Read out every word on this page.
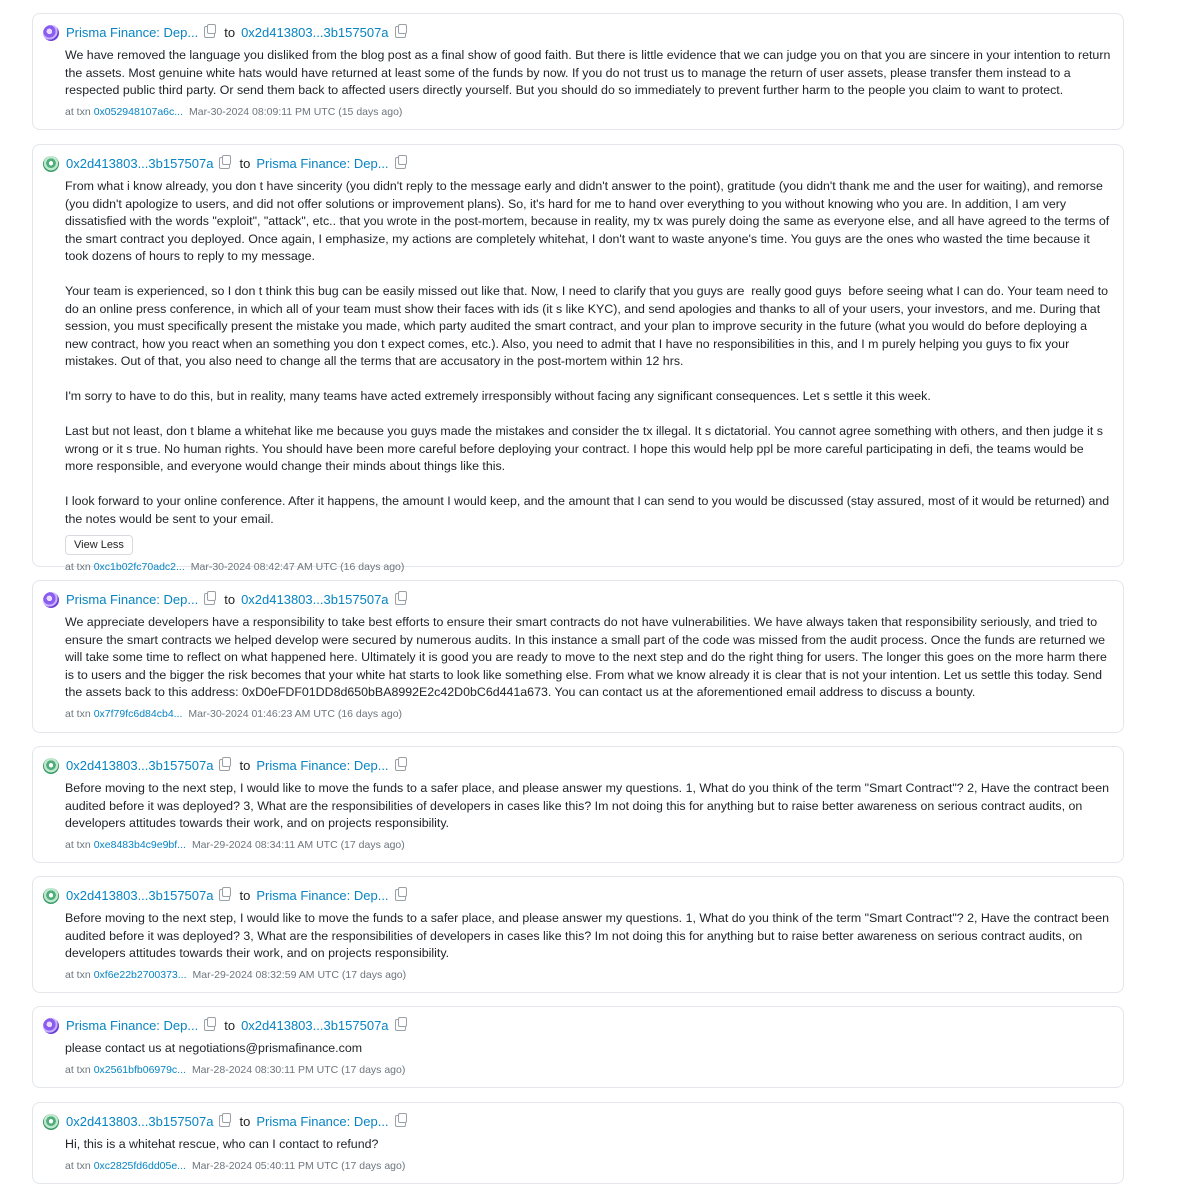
Prisma Finance: Dep... to 0x2d413803...3b157507a
We have removed the language you disliked from the blog post as a final show of good faith. But there is little evidence that we can judge you on that you are sincere in your intention to return the assets. Most genuine white hats would have returned at least some of the funds by now. If you do not trust us to manage the return of user assets, please transfer them instead to a respected public third party. Or send them back to affected users directly yourself. But you should do so immediately to prevent further harm to the people you claim to want to protect.
at txn 0x052948107a6c... Mar-30-2024 08:09:11 PM UTC (15 days ago)
0x2d413803...3b157507a to Prisma Finance: Dep...
From what i know already, you don t have sincerity (you didn't reply to the message early and didn't answer to the point), gratitude (you didn't thank me and the user for waiting), and remorse (you didn't apologize to users, and did not offer solutions or improvement plans). So, it's hard for me to hand over everything to you without knowing who you are. In addition, I am very dissatisfied with the words "exploit", "attack", etc.. that you wrote in the post-mortem, because in reality, my tx was purely doing the same as everyone else, and all have agreed to the terms of the smart contract you deployed. Once again, I emphasize, my actions are completely whitehat, I don't want to waste anyone's time. You guys are the ones who wasted the time because it took dozens of hours to reply to my message.

Your team is experienced, so I don t think this bug can be easily missed out like that. Now, I need to clarify that you guys are  really good guys  before seeing what I can do. Your team need to do an online press conference, in which all of your team must show their faces with ids (it s like KYC), and send apologies and thanks to all of your users, your investors, and me. During that session, you must specifically present the mistake you made, which party audited the smart contract, and your plan to improve security in the future (what you would do before deploying a new contract, how you react when an something you don t expect comes, etc.). Also, you need to admit that I have no responsibilities in this, and I m purely helping you guys to fix your mistakes. Out of that, you also need to change all the terms that are accusatory in the post-mortem within 12 hrs.

I'm sorry to have to do this, but in reality, many teams have acted extremely irresponsibly without facing any significant consequences. Let s settle it this week.

Last but not least, don t blame a whitehat like me because you guys made the mistakes and consider the tx illegal. It s dictatorial. You cannot agree something with others, and then judge it s wrong or it s true. No human rights. You should have been more careful before deploying your contract. I hope this would help ppl be more careful participating in defi, the teams would be more responsible, and everyone would change their minds about things like this.

I look forward to your online conference. After it happens, the amount I would keep, and the amount that I can send to you would be discussed (stay assured, most of it would be returned) and the notes would be sent to your email.
View Less
at txn 0xc1b02fc70adc2... Mar-30-2024 08:42:47 AM UTC (16 days ago)
Prisma Finance: Dep... to 0x2d413803...3b157507a
We appreciate developers have a responsibility to take best efforts to ensure their smart contracts do not have vulnerabilities. We have always taken that responsibility seriously, and tried to ensure the smart contracts we helped develop were secured by numerous audits. In this instance a small part of the code was missed from the audit process. Once the funds are returned we will take some time to reflect on what happened here. Ultimately it is good you are ready to move to the next step and do the right thing for users. The longer this goes on the more harm there is to users and the bigger the risk becomes that your white hat starts to look like something else. From what we know already it is clear that is not your intention. Let us settle this today. Send the assets back to this address: 0xD0eFDF01DD8d650bBA8992E2c42D0bC6d441a673. You can contact us at the aforementioned email address to discuss a bounty.
at txn 0x7f79fc6d84cb4... Mar-30-2024 01:46:23 AM UTC (16 days ago)
0x2d413803...3b157507a to Prisma Finance: Dep...
Before moving to the next step, I would like to move the funds to a safer place, and please answer my questions. 1, What do you think of the term "Smart Contract"? 2, Have the contract been audited before it was deployed? 3, What are the responsibilities of developers in cases like this? Im not doing this for anything but to raise better awareness on serious contract audits, on developers attitudes towards their work, and on projects responsibility.
at txn 0xe8483b4c9e9bf... Mar-29-2024 08:34:11 AM UTC (17 days ago)
0x2d413803...3b157507a to Prisma Finance: Dep...
Before moving to the next step, I would like to move the funds to a safer place, and please answer my questions. 1, What do you think of the term "Smart Contract"? 2, Have the contract been audited before it was deployed? 3, What are the responsibilities of developers in cases like this? Im not doing this for anything but to raise better awareness on serious contract audits, on developers attitudes towards their work, and on projects responsibility.
at txn 0xf6e22b2700373... Mar-29-2024 08:32:59 AM UTC (17 days ago)
Prisma Finance: Dep... to 0x2d413803...3b157507a
please contact us at negotiations@prismafinance.com
at txn 0x2561bfb06979c... Mar-28-2024 08:30:11 PM UTC (17 days ago)
0x2d413803...3b157507a to Prisma Finance: Dep...
Hi, this is a whitehat rescue, who can I contact to refund?
at txn 0xc2825fd6dd05e... Mar-28-2024 05:40:11 PM UTC (17 days ago)
